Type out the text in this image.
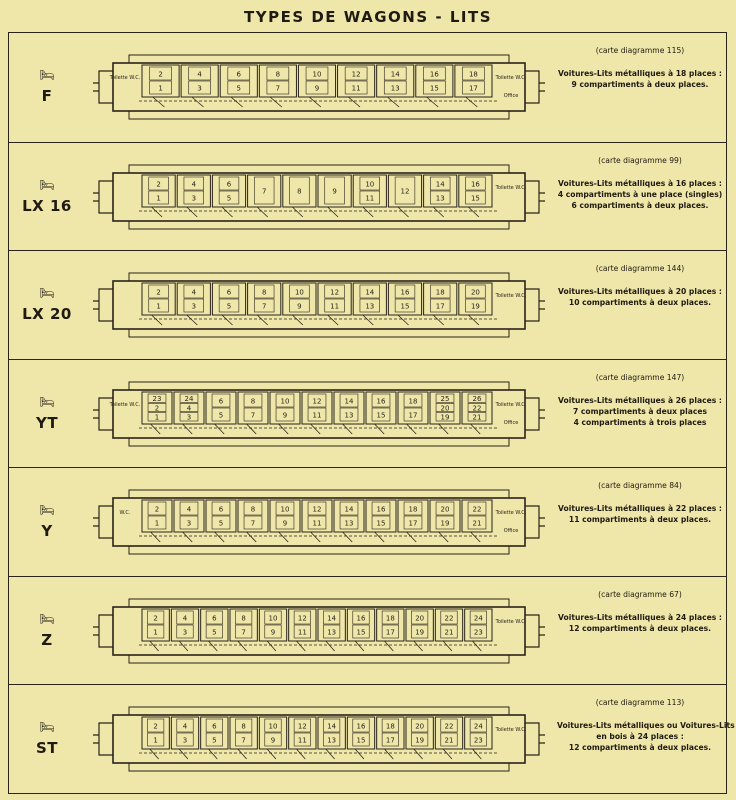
TYPES DE WAGONS - LITS
🛏
F
Toilette W.C.	Toilette W.C.
Office
2
1
4
3
6
5
8
7
10
9
12
11
14
13
16
15
18
17
(carte diagramme 115)
Voitures-Lits métalliques à 18 places :
9 compartiments à deux places.
🛏
LX 16
Toilette W.C.
2
1
4
3
6
5
7	8	9
10
11
12
14
13
16
15
(carte diagramme 99)
Voitures-Lits métalliques à 16 places :
4 compartiments à une place (singles)
6 compartiments à deux places.
🛏
LX 20
Toilette W.C.
2
1
4
3
6
5
8
7
10
9
12
11
14
13
16
15
18
17
20
19
(carte diagramme 144)
Voitures-Lits métalliques à 20 places :
10 compartiments à deux places.
🛏
YT
Toilette W.C.	Toilette W.C.
Office
23
2
1
24
4
3
6
5
8
7
10
9
12
11
14
13
16
15
18
17
25
20
19
26
22
21
(carte diagramme 147)
Voitures-Lits métalliques à 26 places :
7 compartiments à deux places
4 compartiments à trois places
🛏
Y
W.C.	Toilette W.C.
Office
2
1
4
3
6
5
8
7
10
9
12
11
14
13
16
15
18
17
20
19
22
21
(carte diagramme 84)
Voitures-Lits métalliques à 22 places :
11 compartiments à deux places.
🛏
Z
Toilette W.C.
2
1
4
3
6
5
8
7
10
9
12
11
14
13
16
15
18
17
20
19
22
21
24
23
(carte diagramme 67)
Voitures-Lits métalliques à 24 places :
12 compartiments à deux places.
🛏
ST
Toilette W.C.
2
1
4
3
6
5
8
7
10
9
12
11
14
13
16
15
18
17
20
19
22
21
24
23
(carte diagramme 113)
Voitures-Lits métalliques ou Voitures-Lits
en bois à 24 places :
12 compartiments à deux places.
